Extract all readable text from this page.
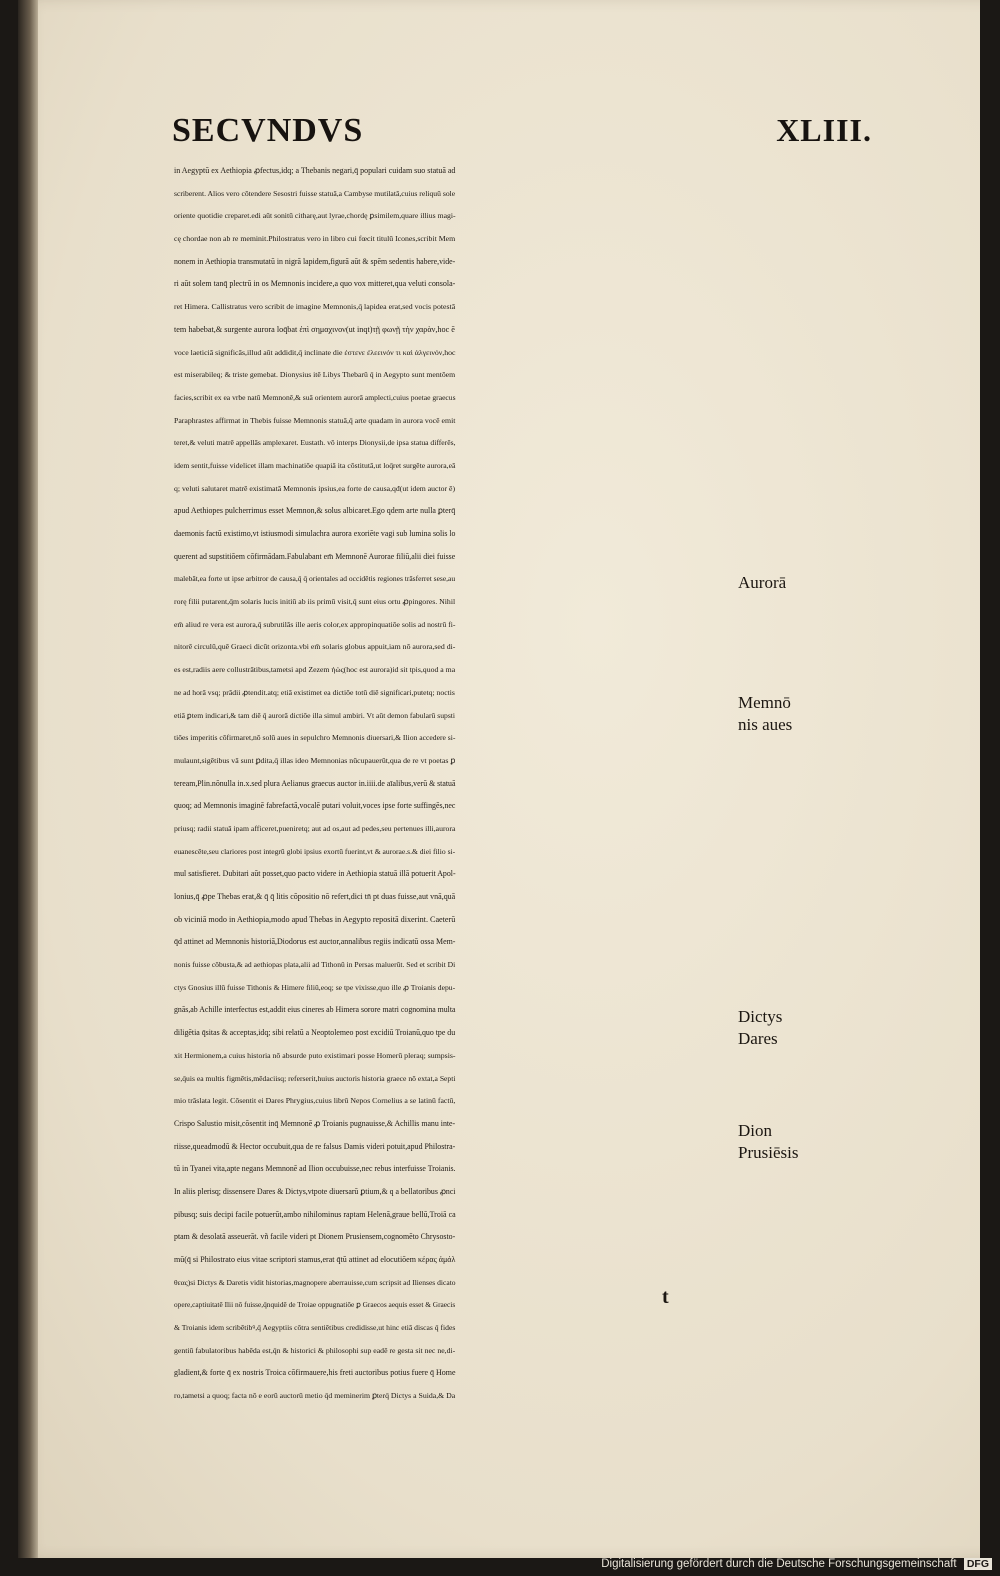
SECVNDVS	XLIII.
in Aegyptū ex Aethiopia ꝓfectus,idq; a Thebanis negari,q̄ populari cuidam suo statuā ad
scriberent. Alios vero cōtendere Sesostri fuisse statuā,a Cambyse mutilatā,cuius reliquū sole
oriente quotidie creparet.edi aūt sonitū citharę,aut lyrae,chordę ꝑsimilem,quare illius magi-
cę chordae non ab re meminit.Philostratus vero in libro cui fœcit titulū Icones,scribit Mem
nonem in Aethiopia transmutatū in nigrā lapidem,figurā aūt & spēm sedentis habere,vide-
ri aūt solem tanq̄ plectrū in os Memnonis incidere,a quo vox mitteret,qua veluti consola-
ret Himera. Callistratus vero scribit de imagine Memnonis,q̄ lapidea erat,sed vocis potestā
tem habebat,& surgente aurora loq̄bat ἐπὶ σημαχινον(ut inqt)τῇ φωνῇ τὴν χαρὰν,hoc ē
voce laeticiā significās,illud aūt addidit,q̄ inclinate die ἐστενε ἐλεεινόν τι καὶ ἀλγεινόν,hoc
est miserabileq; & triste gemebat. Dionysius itē Libys Thebarū q̄ in Aegypto sunt mentōem
facies,scribit ex ea vrbe natū Memnonē,& suā orientem aurorā amplecti,cuius poetae graecus
Paraphrastes affirmat in Thebis fuisse Memnonis statuā,q̄ arte quadam in aurora vocē emit
teret,& veluti matrē appellās amplexaret. Eustath. vō interps Dionysii,de ipsa statua differēs,
idem sentit,fuisse videlicet illam machinatiōe quapiā ita cōstitutā,ut loq̄ret surgēte aurora,eā
q; veluti salutaret matrē existimatā Memnonis ipsius,ea forte de causa,qđ(ut idem auctor ē)
apud Aethiopes pulcherrimus esset Memnon,& solus albicaret.Ego qdem arte nulla ꝑterq̄
daemonis factū existimo,vt istiusmodi simulachra aurora exoriēte vagi sub lumina solis lo
querent ad supstitiōem cōfirmādam.Fabulabant em̄ Memnonē Aurorae filiū,alii diei fuisse
malebāt,ea forte ut ipse arbitror de causa,q̄ q̄ orientales ad occidētis regiones trāsferret sese,au
rorę filii putarent,q̄m solaris lucis initiū ab iis primū visit,q̄ sunt eius ortu ꝓpingores. Nihil
em̄ aliud re vera est aurora,q̄ subrutilās ille aeris color,ex appropinquatiōe solis ad nostrū fi-
nitorē circulū,quē Graeci dicūt orizonta.vbi em̄ solaris globus appuit,iam nō aurora,sed di-
es est,radiis aere collustrātibus,tametsi apd Zezem ἠὼς(hoc est aurora)id sit tpis,quod a ma
ne ad horā vsq; prādii ꝓtendit.atq; etiā existimet ea dictiōe totū diē significari,putetq; noctis
etiā ꝑtem indicari,& tam diē q̄ aurorā dictiōe illa simul ambiri. Vt aūt demon fabularū supsti
tiōes imperitis cōfirmaret,nō solū aues in sepulchro Memnonis diuersari,& Ilion accedere si-
mulaunt,sigētibus vā sunt ꝑdita,q̄ illas ideo Memnonias nūcupauerūt,qua de re vt poetas ꝑ
teream,Plin.nōnulla in.x.sed plura Aelianus graecus auctor in.iiii.de aīalibus,verū & statuā
quoq; ad Memnonis imaginē fabrefactā,vocalē putari voluit,voces ipse forte suffingēs,nec
priusq; radii statuā ipam afficeret,pueniretq; aut ad os,aut ad pedes,seu pertenues illi,aurora
euanescēte,seu clariores post integrū globi ipsius exortū fuerint,vt & aurorae.s.& diei filio si-
mul satisfieret. Dubitari aūt posset,quo pacto videre in Aethiopia statuā illā potuerit Apol-
lonius,q̄ ꝓpe Thebas erat,& q̄ q̄ litis cōpositio nō refert,dici tn̄ pt duas fuisse,aut vnā,quā
ob viciniā modo in Aethiopia,modo apud Thebas in Aegypto repositā dixerint. Caeterū
q̄d attinet ad Memnonis historiā,Diodorus est auctor,annalibus regiis indicatū ossa Mem-
nonis fuisse cōbusta,& ad aethiopas plata,alii ad Tithonū in Persas maluerūt. Sed et scribit Di
ctys Gnosius illū fuisse Tithonis & Himere filiū,eoq; se tpe vixisse,quo ille ꝓ Troianis depu-
gnās,ab Achille interfectus est,addit eius cineres ab Himera sorore matri cognomina multa
diligētia q̄sitas & acceptas,idq; sibi relatū a Neoptolemeo post excidiū Troianū,quo tpe du
xit Hermionem,a cuius historia nō absurde puto existimari posse Homerū pleraq; sumpsis-
se,q̄uis ea multis figmētis,mēdaciisq; referserit,huius auctoris historia graece nō extat,a Septi
mio trāslata legit. Cōsentit ei Dares Phrygius,cuius librū Nepos Cornelius a se latinū factū,
Crispo Salustio misit,cōsentit inq̄ Memnonē ꝓ Troianis pugnauisse,& Achillis manu inte-
riisse,queadmodū & Hector occubuit,qua de re falsus Damis videri potuit,apud Philostra-
tū in Tyanei vita,apte negans Memnonē ad Ilion occubuisse,nec rebus interfuisse Troianis.
In aliis plerisq; dissensere Dares & Dictys,vtpote diuersarū ꝑtium,& q a bellatoribus ꝓnci
pibusq; suis decipi facile potuerūt,ambo nihilominus raptam Helenā,graue bellū,Troiā ca
ptam & desolatā asseuerāt. vñ facile videri pt Dionem Prusiensem,cognomēto Chrysosto-
mū(q̄ si Philostrato eius vitae scriptori stamus,erat q̄tū attinet ad elocutiōem κέρας ἀμάλ
θεας)si Dictys & Daretis vidit historias,magnopere aberrauisse,cum scripsit ad Ilienses dicato
opere,captiuitatē Ilii nō fuisse,q̄nquidē de Troiae oppugnatiōe ꝑ Graecos aequis esset & Graecis
& Troianis idem scribētibꝰ,q̄ Aegyptiis cōtra sentiētibus credidisse,ut hinc etiā discas q̄ fides
gentiū fabulatoribus habēda est,q̄n & historici & philosophi sup eadē re gesta sit nec ne,di-
gladient,& forte q̄ ex nostris Troica cōfirmauere,his freti auctoribus potius fuere q̄ Home
ro,tametsi a quoq; facta nō e eorū auctorū metio q̄d meminerim ꝑterq̄ Dictys a Suida,& Da
Aurorā
Memnō
nis aues
Dictys
Dares
Dion
Prusiēsis
t
Digitalisierung gefördert durch die Deutsche Forschungsgemeinschaft DFG
